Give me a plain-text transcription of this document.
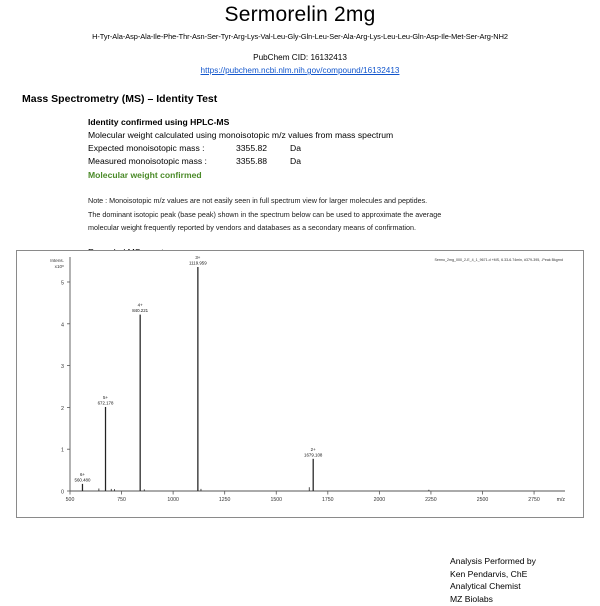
Sermorelin 2mg
H-Tyr-Ala-Asp-Ala-Ile-Phe-Thr-Asn-Ser-Tyr-Arg-Lys-Val-Leu-Gly-Gln-Leu-Ser-Ala-Arg-Lys-Leu-Leu-Gln-Asp-Ile-Met-Ser-Arg-NH2
PubChem CID: 16132413
https://pubchem.ncbi.nlm.nih.gov/compound/16132413
Mass Spectrometry (MS) – Identity Test
Identity confirmed using HPLC-MS
Molecular weight calculated using monoisotopic m/z values from mass spectrum
Expected monoisotopic mass :	3355.82	Da
Measured monoisotopic mass :	3355.88	Da
Molecular weight confirmed
Note : Monoisotopic m/z values are not easily seen in full spectrum view for larger molecules and peptides.
The dominant isotopic peak (base peak) shown in the spectrum below can be used to approximate the average
molecular weight frequently reported by vendors and databases as a secondary means of confirmation.
0
1
2
3
4
5
500	750	1000	1250	1500	1750	2000	2250	2500	2750
Intens.
x10⁸
m/z
Sermo_2mg_000_2-E_4_1_9671.d +MS, 6.33-6.74min, #379-395, -Peak Bkgrnd
6+
560.480
5+
672.178
4+
840.221
3+
1119.959
2+
1679.108
Analysis Performed by
Ken Pendarvis, ChE
Analytical Chemist
MZ Biolabs
